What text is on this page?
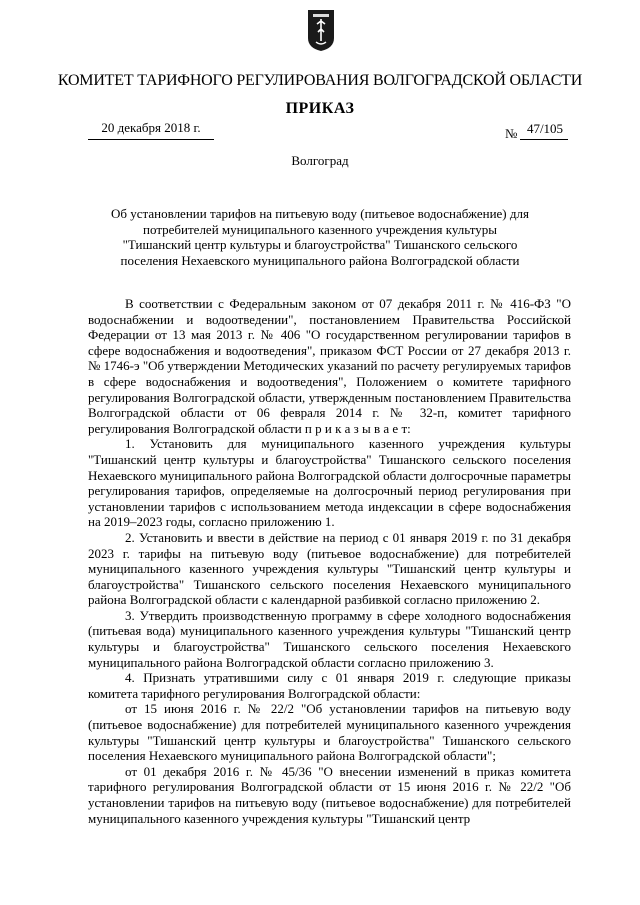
КОМИТЕТ ТАРИФНОГО РЕГУЛИРОВАНИЯ ВОЛГОГРАДСКОЙ ОБЛАСТИ
ПРИКАЗ
20 декабря 2018 г.	№ 47/105
Волгоград
Об установлении тарифов на питьевую воду (питьевое водоснабжение) для потребителей муниципального казенного учреждения культуры "Тишанский центр культуры и благоустройства" Тишанского сельского поселения Нехаевского муниципального района Волгоградской области

В соответствии с Федеральным законом от 07 декабря 2011 г. № 416-ФЗ "О водоснабжении и водоотведении", постановлением Правительства Российской Федерации от 13 мая 2013 г. № 406 "О государственном регулировании тарифов в сфере водоснабжения и водоотведения", приказом ФСТ России от 27 декабря 2013 г. № 1746-э "Об утверждении Методических указаний по расчету регулируемых тарифов в сфере водоснабжения и водоотведения", Положением о комитете тарифного регулирования Волгоградской области, утвержденным постановлением Правительства Волгоградской области от 06 февраля 2014 г. № 32-п, комитет тарифного регулирования Волгоградской области п р и к а з ы в а е т:

1. Установить для муниципального казенного учреждения культуры "Тишанский центр культуры и благоустройства" Тишанского сельского поселения Нехаевского муниципального района Волгоградской области долгосрочные параметры регулирования тарифов, определяемые на долгосрочный период регулирования при установлении тарифов с использованием метода индексации в сфере водоснабжения на 2019–2023 годы, согласно приложению 1.

2. Установить и ввести в действие на период с 01 января 2019 г. по 31 декабря 2023 г. тарифы на питьевую воду (питьевое водоснабжение) для потребителей муниципального казенного учреждения культуры "Тишанский центр культуры и благоустройства" Тишанского сельского поселения Нехаевского муниципального района Волгоградской области с календарной разбивкой согласно приложению 2.

3. Утвердить производственную программу в сфере холодного водоснабжения (питьевая вода) муниципального казенного учреждения культуры "Тишанский центр культуры и благоустройства" Тишанского сельского поселения Нехаевского муниципального района Волгоградской области согласно приложению 3.

4. Признать утратившими силу с 01 января 2019 г. следующие приказы комитета тарифного регулирования Волгоградской области:

от 15 июня 2016 г. № 22/2 "Об установлении тарифов на питьевую воду (питьевое водоснабжение) для потребителей муниципального казенного учреждения культуры "Тишанский центр культуры и благоустройства" Тишанского сельского поселения Нехаевского муниципального района Волгоградской области";

от 01 декабря 2016 г. № 45/36 "О внесении изменений в приказ комитета тарифного регулирования Волгоградской области от 15 июня 2016 г. № 22/2 "Об установлении тарифов на питьевую воду (питьевое водоснабжение) для потребителей муниципального казенного учреждения культуры "Тишанский центр
